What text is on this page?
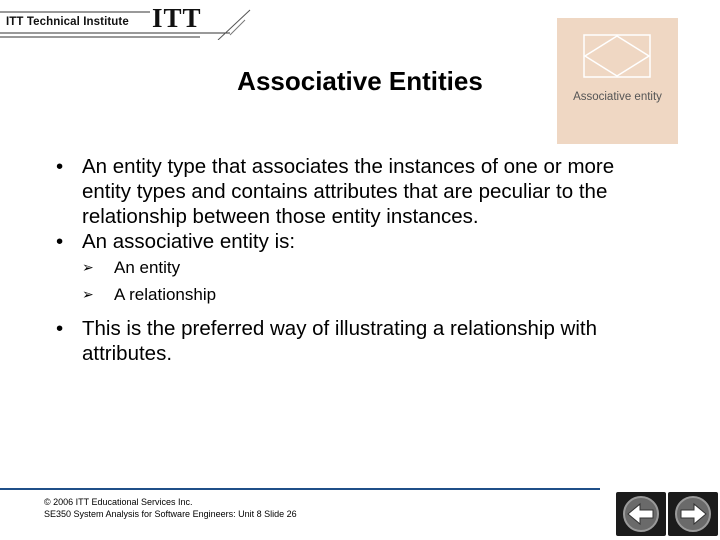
ITT Technical Institute ITT
Associative Entities
Associative entity
• An entity type that associates the instances of one or more entity types and contains attributes that are peculiar to the relationship between those entity instances.
• An associative entity is:
➢ An entity
➢ A relationship
• This is the preferred way of illustrating a relationship with attributes.
© 2006 ITT Educational Services Inc.
SE350 System Analysis for Software Engineers: Unit 8 Slide 26
